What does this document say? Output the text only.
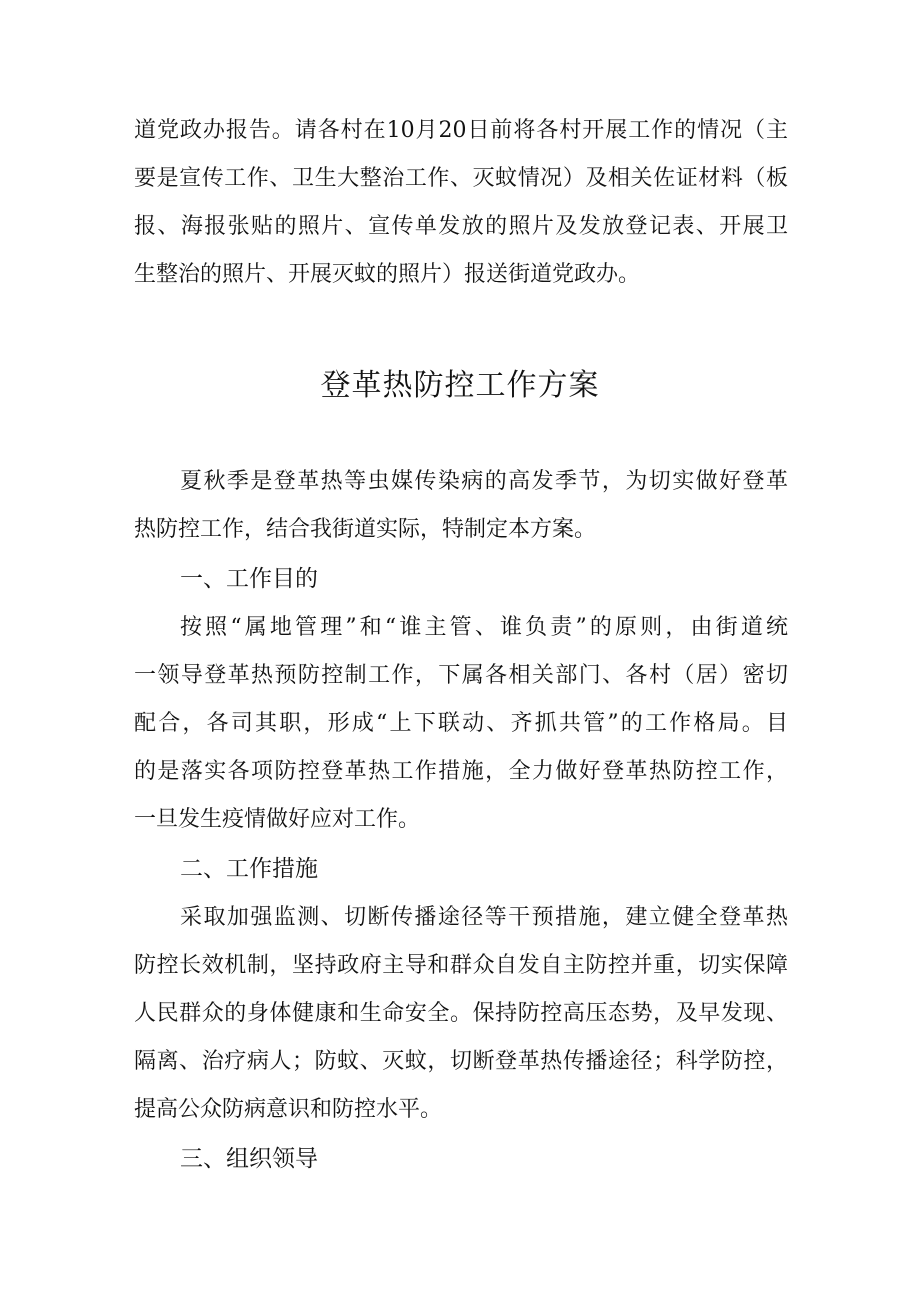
道党政办报告。请各村在10月20日前将各村开展工作的情况（主
要是宣传工作、卫生大整治工作、灭蚊情况）及相关佐证材料（板
报、海报张贴的照片、宣传单发放的照片及发放登记表、开展卫
生整治的照片、开展灭蚊的照片）报送街道党政办。
登革热防控工作方案
夏秋季是登革热等虫媒传染病的高发季节，为切实做好登革
热防控工作，结合我街道实际，特制定本方案。
一、工作目的
按照“属地管理”和“谁主管、谁负责”的原则，由街道统
一领导登革热预防控制工作，下属各相关部门、各村（居）密切
配合，各司其职，形成“上下联动、齐抓共管”的工作格局。目
的是落实各项防控登革热工作措施，全力做好登革热防控工作，
一旦发生疫情做好应对工作。
二、工作措施
采取加强监测、切断传播途径等干预措施，建立健全登革热
防控长效机制，坚持政府主导和群众自发自主防控并重，切实保障
人民群众的身体健康和生命安全。保持防控高压态势，及早发现、
隔离、治疗病人；防蚊、灭蚊，切断登革热传播途径；科学防控，
提高公众防病意识和防控水平。
三、组织领导
